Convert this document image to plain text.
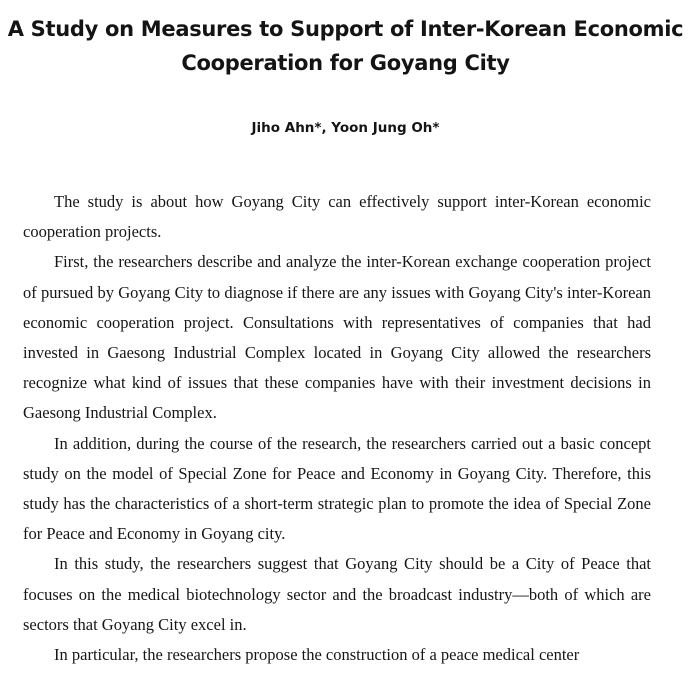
A Study on Measures to Support of Inter-Korean Economic
Cooperation for Goyang City
Jiho Ahn*, Yoon Jung Oh*

The study is about how Goyang City can effectively support inter-Korean economic cooperation projects.

First, the researchers describe and analyze the inter-Korean exchange cooperation project of pursued by Goyang City to diagnose if there are any issues with Goyang City's inter-Korean economic cooperation project. Consultations with representatives of companies that had invested in Gaesong Industrial Complex located in Goyang City allowed the researchers recognize what kind of issues that these companies have with their investment decisions in Gaesong Industrial Complex.

In addition, during the course of the research, the researchers carried out a basic concept study on the model of Special Zone for Peace and Economy in Goyang City. Therefore, this study has the characteristics of a short-term strategic plan to promote the idea of Special Zone for Peace and Economy in Goyang city.

In this study, the researchers suggest that Goyang City should be a City of Peace that focuses on the medical biotechnology sector and the broadcast industry—both of which are sectors that Goyang City excel in.

In particular, the researchers propose the construction of a peace medical center
